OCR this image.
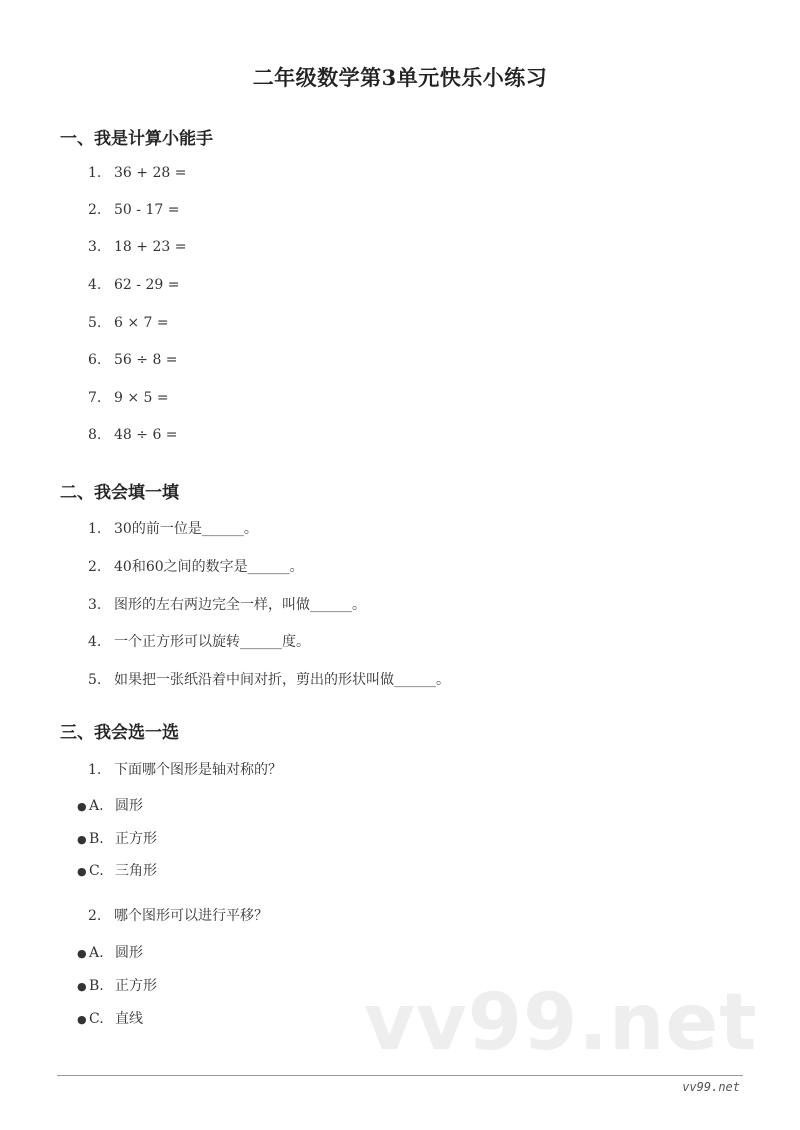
二年级数学第3单元快乐小练习
一、我是计算小能手
1. 36 + 28 =
2. 50 - 17 =
3. 18 + 23 =
4. 62 - 29 =
5. 6 × 7 =
6. 56 ÷ 8 =
7. 9 × 5 =
8. 48 ÷ 6 =
二、我会填一填
1. 30的前一位是______。
2. 40和60之间的数字是______。
3. 图形的左右两边完全一样，叫做______。
4. 一个正方形可以旋转______度。
5. 如果把一张纸沿着中间对折，剪出的形状叫做______。
三、我会选一选
1. 下面哪个图形是轴对称的？
● A. 圆形
● B. 正方形
● C. 三角形
2. 哪个图形可以进行平移？
● A. 圆形
● B. 正方形
● C. 直线	vv99.net
vv99.net
